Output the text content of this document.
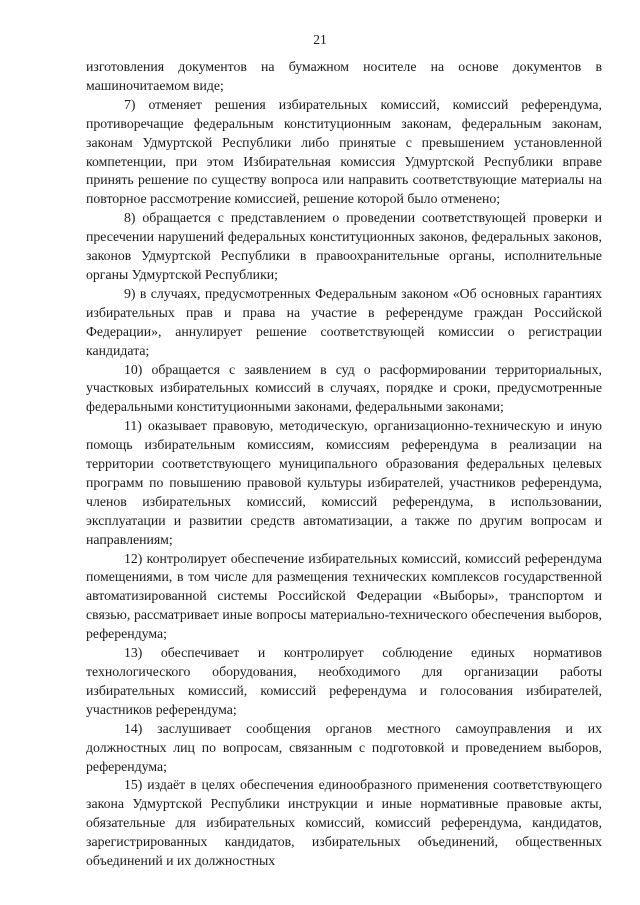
21

изготовления документов на бумажном носителе на основе документов в машиночитаемом виде;

7) отменяет решения избирательных комиссий, комиссий референдума, противоречащие федеральным конституционным законам, федеральным законам, законам Удмуртской Республики либо принятые с превышением установленной компетенции, при этом Избирательная комиссия Удмуртской Республики вправе принять решение по существу вопроса или направить соответствующие материалы на повторное рассмотрение комиссией, решение которой было отменено;

8) обращается с представлением о проведении соответствующей проверки и пресечении нарушений федеральных конституционных законов, федеральных законов, законов Удмуртской Республики в правоохранительные органы, исполнительные органы Удмуртской Республики;

9) в случаях, предусмотренных Федеральным законом «Об основных гарантиях избирательных прав и права на участие в референдуме граждан Российской Федерации», аннулирует решение соответствующей комиссии о регистрации кандидата;

10) обращается с заявлением в суд о расформировании территориальных, участковых избирательных комиссий в случаях, порядке и сроки, предусмотренные федеральными конституционными законами, федеральными законами;

11) оказывает правовую, методическую, организационно-техническую и иную помощь избирательным комиссиям, комиссиям референдума в реализации на территории соответствующего муниципального образования федеральных целевых программ по повышению правовой культуры избирателей, участников референдума, членов избирательных комиссий, комиссий референдума, в использовании, эксплуатации и развитии средств автоматизации, а также по другим вопросам и направлениям;

12) контролирует обеспечение избирательных комиссий, комиссий референдума помещениями, в том числе для размещения технических комплексов государственной автоматизированной системы Российской Федерации «Выборы», транспортом и связью, рассматривает иные вопросы материально-технического обеспечения выборов, референдума;

13) обеспечивает и контролирует соблюдение единых нормативов технологического оборудования, необходимого для организации работы избирательных комиссий, комиссий референдума и голосования избирателей, участников референдума;

14) заслушивает сообщения органов местного самоуправления и их должностных лиц по вопросам, связанным с подготовкой и проведением выборов, референдума;

15) издаёт в целях обеспечения единообразного применения соответствующего закона Удмуртской Республики инструкции и иные нормативные правовые акты, обязательные для избирательных комиссий, комиссий референдума, кандидатов, зарегистрированных кандидатов, избирательных объединений, общественных объединений и их должностных
